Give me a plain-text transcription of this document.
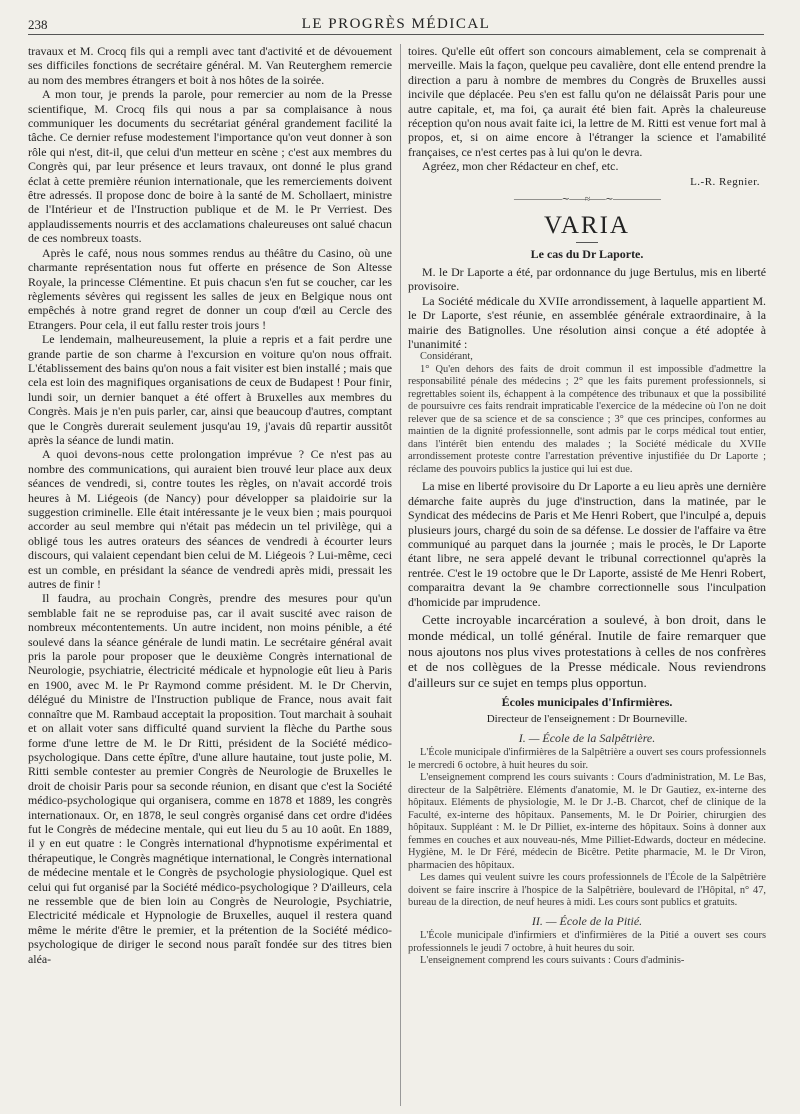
238	LE PROGRÈS MÉDICAL

travaux et M. Crocq fils qui a rempli avec tant d'activité et de dévouement ses difficiles fonctions de secrétaire général. M. Van Reuterghem remercie au nom des membres étrangers et boit à nos hôtes de la soirée.

A mon tour, je prends la parole, pour remercier au nom de la Presse scientifique, M. Crocq fils qui nous a par sa complaisance à nous communiquer les documents du secrétariat général grandement facilité la tâche. Ce dernier refuse modestement l'importance qu'on veut donner à son rôle qui n'est, dit-il, que celui d'un metteur en scène ; c'est aux membres du Congrès qui, par leur présence et leurs travaux, ont donné le plus grand éclat à cette première réunion internationale, que les remerciements doivent être adressés. Il propose donc de boire à la santé de M. Schollaert, ministre de l'Intérieur et de l'Instruction publique et de M. le Pr Verriest. Des applaudissements nourris et des acclamations chaleureuses ont salué chacun de ces nombreux toasts.

Après le café, nous nous sommes rendus au théâtre du Casino, où une charmante représentation nous fut offerte en présence de Son Altesse Royale, la princesse Clémentine. Et puis chacun s'en fut se coucher, car les règlements sévères qui regissent les salles de jeux en Belgique nous ont empêchés à notre grand regret de donner un coup d'œil au Cercle des Etrangers. Pour cela, il eut fallu rester trois jours !

Le lendemain, malheureusement, la pluie a repris et a fait perdre une grande partie de son charme à l'excursion en voiture qu'on nous offrait. L'établissement des bains qu'on nous a fait visiter est bien installé ; mais que cela est loin des magnifiques organisations de ceux de Budapest ! Pour finir, lundi soir, un dernier banquet a été offert à Bruxelles aux membres du Congrès. Mais je n'en puis parler, car, ainsi que beaucoup d'autres, comptant que le Congrès durerait seulement jusqu'au 19, j'avais dû repartir aussitôt après la séance de lundi matin.

A quoi devons-nous cette prolongation imprévue ? Ce n'est pas au nombre des communications, qui auraient bien trouvé leur place aux deux séances de vendredi, si, contre toutes les règles, on n'avait accordé trois heures à M. Liégeois (de Nancy) pour développer sa plaidoirie sur la suggestion criminelle. Elle était intéressante je le veux bien ; mais pourquoi accorder au seul membre qui n'était pas médecin un tel privilège, qui a obligé tous les autres orateurs des séances de vendredi à écourter leurs discours, qui valaient cependant bien celui de M. Liégeois ? Lui-même, ceci est un comble, en présidant la séance de vendredi après midi, pressait les autres de finir !

Il faudra, au prochain Congrès, prendre des mesures pour qu'un semblable fait ne se reproduise pas, car il avait suscité avec raison de nombreux mécontentements. Un autre incident, non moins pénible, a été soulevé dans la séance générale de lundi matin. Le secrétaire général avait pris la parole pour proposer que le deuxième Congrès international de Neurologie, psychiatrie, électricité médicale et hypnologie eût lieu à Paris en 1900, avec M. le Pr Raymond comme président. M. le Dr Chervin, délégué du Ministre de l'Instruction publique de France, nous avait fait connaître que M. Rambaud acceptait la proposition. Tout marchait à souhait et on allait voter sans difficulté quand survient la flèche du Parthe sous forme d'une lettre de M. le Dr Ritti, président de la Société médico-psychologique. Dans cette épître, d'une allure hautaine, tout juste polie, M. Ritti semble contester au premier Congrès de Neurologie de Bruxelles le droit de choisir Paris pour sa seconde réunion, en disant que c'est la Société médico-psychologique qui organisera, comme en 1878 et 1889, les congrès internationaux. Or, en 1878, le seul congrès organisé dans cet ordre d'idées fut le Congrès de médecine mentale, qui eut lieu du 5 au 10 août. En 1889, il y en eut quatre : le Congrès international d'hypnotisme expérimental et thérapeutique, le Congrès magnétique international, le Congrès international de médecine mentale et le Congrès de psychologie physiologique. Quel est celui qui fut organisé par la Société médico-psychologique ? D'ailleurs, cela ne ressemble que de bien loin au Congrès de Neurologie, Psychiatrie, Electricité médicale et Hypnologie de Bruxelles, auquel il restera quand même le mérite d'être le premier, et la prétention de la Société médico-psychologique de diriger le second nous paraît fondée sur des titres bien aléa-

toires. Qu'elle eût offert son concours aimablement, cela se comprenait à merveille. Mais la façon, quelque peu cavalière, dont elle entend prendre la direction a paru à nombre de membres du Congrès de Bruxelles aussi incivile que déplacée. Peu s'en est fallu qu'on ne délaissât Paris pour une autre capitale, et, ma foi, ça aurait été bien fait. Après la chaleureuse réception qu'on nous avait faite ici, la lettre de M. Ritti est venue fort mal à propos, et, si on aime encore à l'étranger la science et l'amabilité françaises, ce n'est certes pas à lui qu'on le devra.

Agréez, mon cher Rédacteur en chef, etc.

L.-R. Regnier.
⸻⸻∼⸺≈⸺∼⸻⸻
VARIA
Le cas du Dr Laporte.

M. le Dr Laporte a été, par ordonnance du juge Bertulus, mis en liberté provisoire.

La Société médicale du XVIIe arrondissement, à laquelle appartient M. le Dr Laporte, s'est réunie, en assemblée générale extraordinaire, à la mairie des Batignolles. Une résolution ainsi conçue a été adoptée à l'unanimité :

Considérant,

1° Qu'en dehors des faits de droit commun il est impossible d'admettre la responsabilité pénale des médecins ; 2° que les faits purement professionnels, si regrettables soient ils, échappent à la compétence des tribunaux et que la possibilité de poursuivre ces faits rendrait impraticable l'exercice de la médecine où l'on ne doit relever que de sa science et de sa conscience ; 3° que ces principes, conformes au maintien de la dignité professionnelle, sont admis par le corps médical tout entier, dans l'intérêt bien entendu des malades ; la Société médicale du XVIIe arrondissement proteste contre l'arrestation préventive injustifiée du Dr Laporte ; réclame des pouvoirs publics la justice qui lui est due.

La mise en liberté provisoire du Dr Laporte a eu lieu après une dernière démarche faite auprès du juge d'instruction, dans la matinée, par le Syndicat des médecins de Paris et Me Henri Robert, que l'inculpé a, depuis plusieurs jours, chargé du soin de sa défense. Le dossier de l'affaire va être communiqué au parquet dans la journée ; mais le procès, le Dr Laporte étant libre, ne sera appelé devant le tribunal correctionnel qu'après la rentrée. C'est le 19 octobre que le Dr Laporte, assisté de Me Henri Robert, comparaitra devant la 9e chambre correctionnelle sous l'inculpation d'homicide par imprudence.

Cette incroyable incarcération a soulevé, à bon droit, dans le monde médical, un tollé général. Inutile de faire remarquer que nous ajoutons nos plus vives protestations à celles de nos confrères et de nos collègues de la Presse médicale. Nous reviendrons d'ailleurs sur ce sujet en temps plus opportun.

Écoles municipales d'Infirmières.
Directeur de l'enseignement : Dr Bourneville.
I. — École de la Salpêtrière.

L'École municipale d'infirmières de la Salpêtrière a ouvert ses cours professionnels le mercredi 6 octobre, à huit heures du soir.

L'enseignement comprend les cours suivants : Cours d'administration, M. Le Bas, directeur de la Salpêtrière. Eléments d'anatomie, M. le Dr Gautiez, ex-interne des hôpitaux. Eléments de physiologie, M. le Dr J.-B. Charcot, chef de clinique de la Faculté, ex-interne des hôpitaux. Pansements, M. le Dr Poirier, chirurgien des hôpitaux. Suppléant : M. le Dr Pilliet, ex-interne des hôpitaux. Soins à donner aux femmes en couches et aux nouveau-nés, Mme Pilliet-Edwards, docteur en médecine. Hygiène, M. le Dr Féré, médecin de Bicêtre. Petite pharmacie, M. le Dr Viron, pharmacien des hôpitaux.

Les dames qui veulent suivre les cours professionnels de l'École de la Salpêtrière doivent se faire inscrire à l'hospice de la Salpêtrière, boulevard de l'Hôpital, n° 47, bureau de la direction, de neuf heures à midi. Les cours sont publics et gratuits.

II. — École de la Pitié.

L'École municipale d'infirmiers et d'infirmières de la Pitié a ouvert ses cours professionnels le jeudi 7 octobre, à huit heures du soir.

L'enseignement comprend les cours suivants : Cours d'adminis-
